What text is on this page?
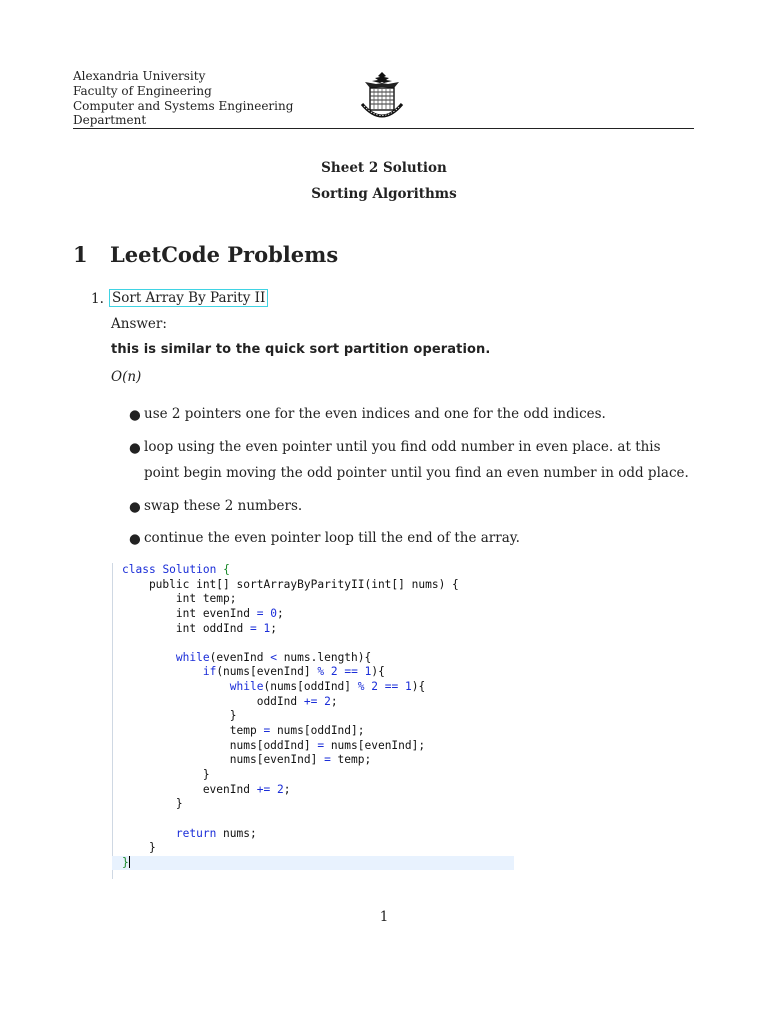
Alexandria University
Faculty of Engineering
Computer and Systems Engineering
Department
Sheet 2 Solution
Sorting Algorithms
1 LeetCode Problems
1. Sort Array By Parity II
Answer:
this is similar to the quick sort partition operation.
O(n)
● use 2 pointers one for the even indices and one for the odd indices.
● loop using the even pointer until you find odd number in even place. at this point begin moving the odd pointer until you find an even number in odd place.
● swap these 2 numbers.
● continue the even pointer loop till the end of the array.
class Solution {
public int[] sortArrayByParityII(int[] nums) {
int temp;
int evenInd = 0;
int oddInd = 1;
while(evenInd < nums.length){
if(nums[evenInd] % 2 == 1){
while(nums[oddInd] % 2 == 1){
oddInd += 2;
}
temp = nums[oddInd];
nums[oddInd] = nums[evenInd];
nums[evenInd] = temp;
}
evenInd += 2;
}
return nums;
}
}
1
